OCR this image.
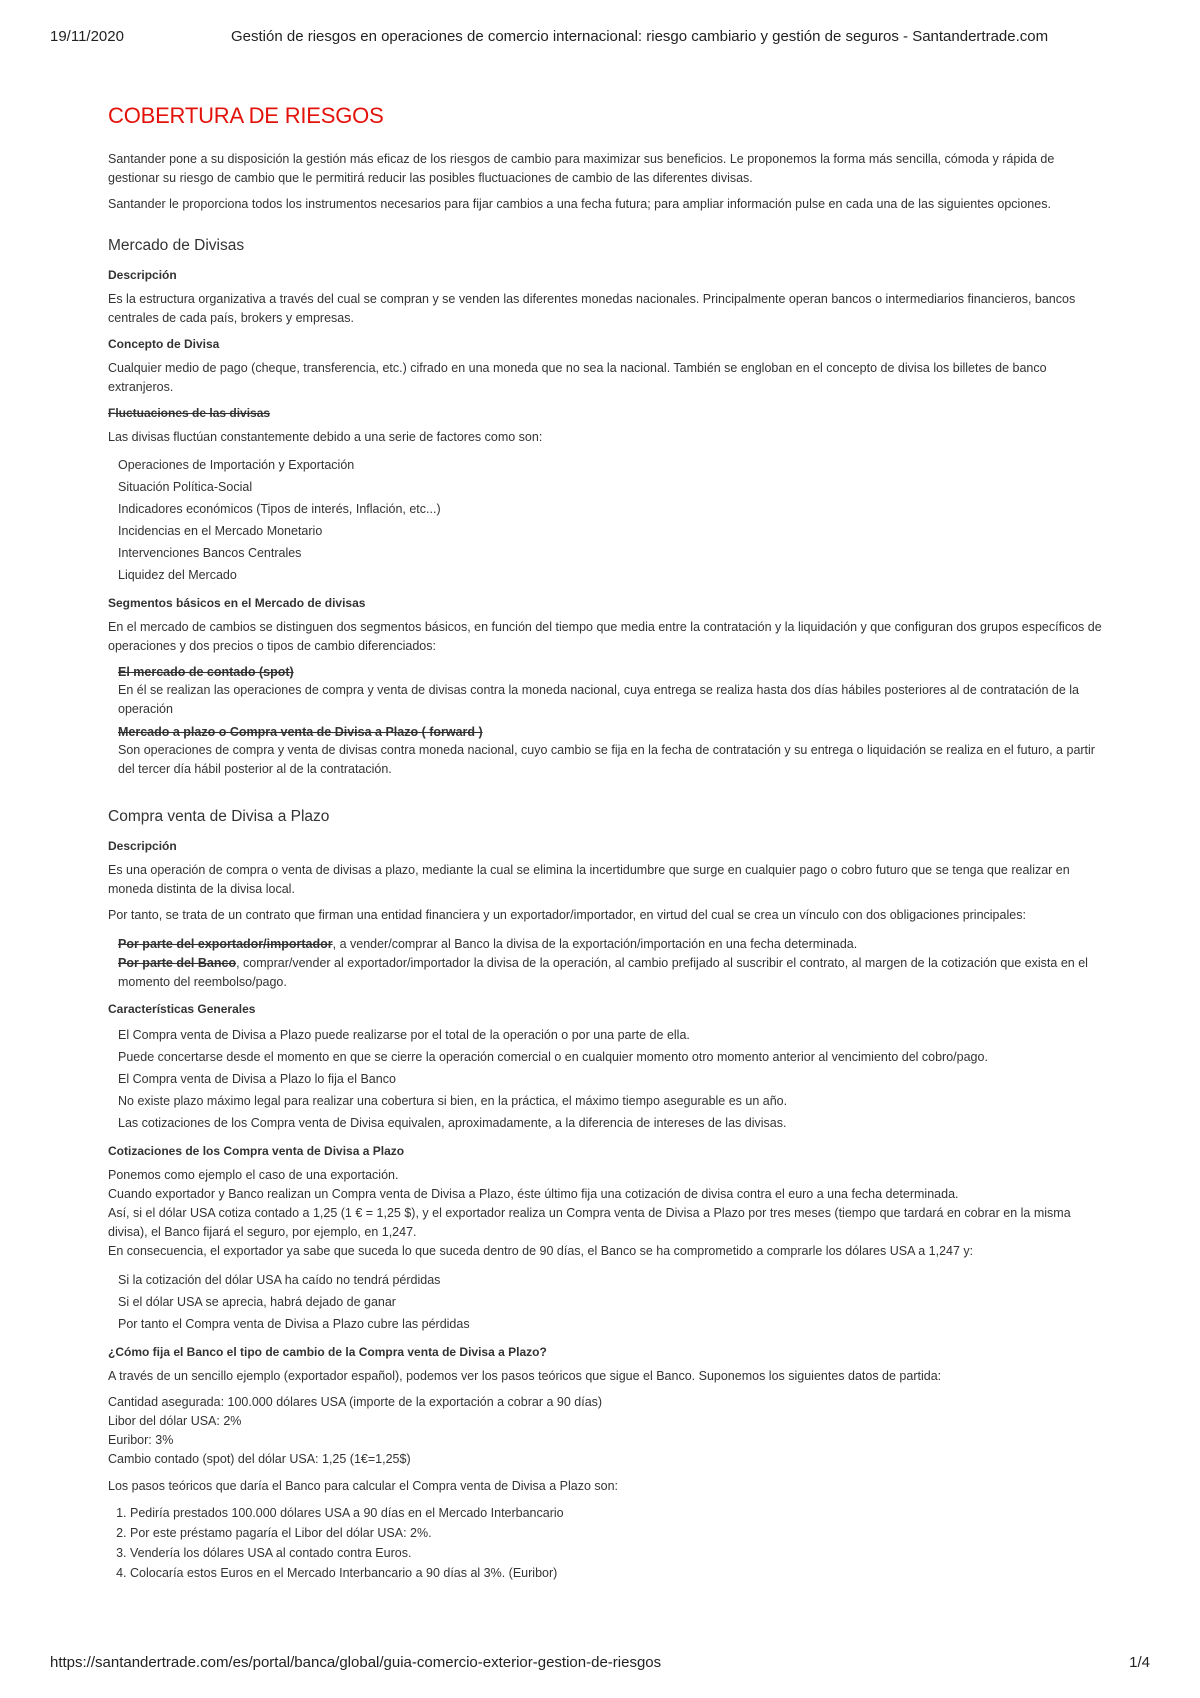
19/11/2020	Gestión de riesgos en operaciones de comercio internacional: riesgo cambiario y gestión de seguros - Santandertrade.com
COBERTURA DE RIESGOS

Santander pone a su disposición la gestión más eficaz de los riesgos de cambio para maximizar sus beneficios. Le proponemos la forma más sencilla, cómoda y rápida de gestionar su riesgo de cambio que le permitirá reducir las posibles fluctuaciones de cambio de las diferentes divisas.

Santander le proporciona todos los instrumentos necesarios para fijar cambios a una fecha futura; para ampliar información pulse en cada una de las siguientes opciones.

Mercado de Divisas
Descripción

Es la estructura organizativa a través del cual se compran y se venden las diferentes monedas nacionales. Principalmente operan bancos o intermediarios financieros, bancos centrales de cada país, brokers y empresas.

Concepto de Divisa

Cualquier medio de pago (cheque, transferencia, etc.) cifrado en una moneda que no sea la nacional. También se engloban en el concepto de divisa los billetes de banco extranjeros.

Fluctuaciones de las divisas

Las divisas fluctúan constantemente debido a una serie de factores como son:

Operaciones de Importación y Exportación
Situación Política-Social
Indicadores económicos (Tipos de interés, Inflación, etc...)
Incidencias en el Mercado Monetario
Intervenciones Bancos Centrales
Liquidez del Mercado
Segmentos básicos en el Mercado de divisas

En el mercado de cambios se distinguen dos segmentos básicos, en función del tiempo que media entre la contratación y la liquidación y que configuran dos grupos específicos de operaciones y dos precios o tipos de cambio diferenciados:

El mercado de contado (spot)
En él se realizan las operaciones de compra y venta de divisas contra la moneda nacional, cuya entrega se realiza hasta dos días hábiles posteriores al de contratación de la operación
Mercado a plazo o Compra venta de Divisa a Plazo ( forward )
Son operaciones de compra y venta de divisas contra moneda nacional, cuyo cambio se fija en la fecha de contratación y su entrega o liquidación se realiza en el futuro, a partir del tercer día hábil posterior al de la contratación.
Compra venta de Divisa a Plazo
Descripción

Es una operación de compra o venta de divisas a plazo, mediante la cual se elimina la incertidumbre que surge en cualquier pago o cobro futuro que se tenga que realizar en moneda distinta de la divisa local.

Por tanto, se trata de un contrato que firman una entidad financiera y un exportador/importador, en virtud del cual se crea un vínculo con dos obligaciones principales:

Por parte del exportador/importador, a vender/comprar al Banco la divisa de la exportación/importación en una fecha determinada.
Por parte del Banco, comprar/vender al exportador/importador la divisa de la operación, al cambio prefijado al suscribir el contrato, al margen de la cotización que exista en el momento del reembolso/pago.
Características Generales
El Compra venta de Divisa a Plazo puede realizarse por el total de la operación o por una parte de ella.
Puede concertarse desde el momento en que se cierre la operación comercial o en cualquier momento otro momento anterior al vencimiento del cobro/pago.
El Compra venta de Divisa a Plazo lo fija el Banco
No existe plazo máximo legal para realizar una cobertura si bien, en la práctica, el máximo tiempo asegurable es un año.
Las cotizaciones de los Compra venta de Divisa equivalen, aproximadamente, a la diferencia de intereses de las divisas.
Cotizaciones de los Compra venta de Divisa a Plazo

Ponemos como ejemplo el caso de una exportación.

Cuando exportador y Banco realizan un Compra venta de Divisa a Plazo, éste último fija una cotización de divisa contra el euro a una fecha determinada.

Así, si el dólar USA cotiza contado a 1,25 (1 € = 1,25 $), y el exportador realiza un Compra venta de Divisa a Plazo por tres meses (tiempo que tardará en cobrar en la misma divisa), el Banco fijará el seguro, por ejemplo, en 1,247.

En consecuencia, el exportador ya sabe que suceda lo que suceda dentro de 90 días, el Banco se ha comprometido a comprarle los dólares USA a 1,247 y:

Si la cotización del dólar USA ha caído no tendrá pérdidas
Si el dólar USA se aprecia, habrá dejado de ganar
Por tanto el Compra venta de Divisa a Plazo cubre las pérdidas
¿Cómo fija el Banco el tipo de cambio de la Compra venta de Divisa a Plazo?

A través de un sencillo ejemplo (exportador español), podemos ver los pasos teóricos que sigue el Banco. Suponemos los siguientes datos de partida:

Cantidad asegurada: 100.000 dólares USA (importe de la exportación a cobrar a 90 días)

Libor del dólar USA: 2%

Euribor: 3%

Cambio contado (spot) del dólar USA: 1,25 (1€=1,25$)

Los pasos teóricos que daría el Banco para calcular el Compra venta de Divisa a Plazo son:

1. Pediría prestados 100.000 dólares USA a 90 días en el Mercado Interbancario
2. Por este préstamo pagaría el Libor del dólar USA: 2%.
3. Vendería los dólares USA al contado contra Euros.
4. Colocaría estos Euros en el Mercado Interbancario a 90 días al 3%. (Euribor)
https://santandertrade.com/es/portal/banca/global/guia-comercio-exterior-gestion-de-riesgos	1/4
